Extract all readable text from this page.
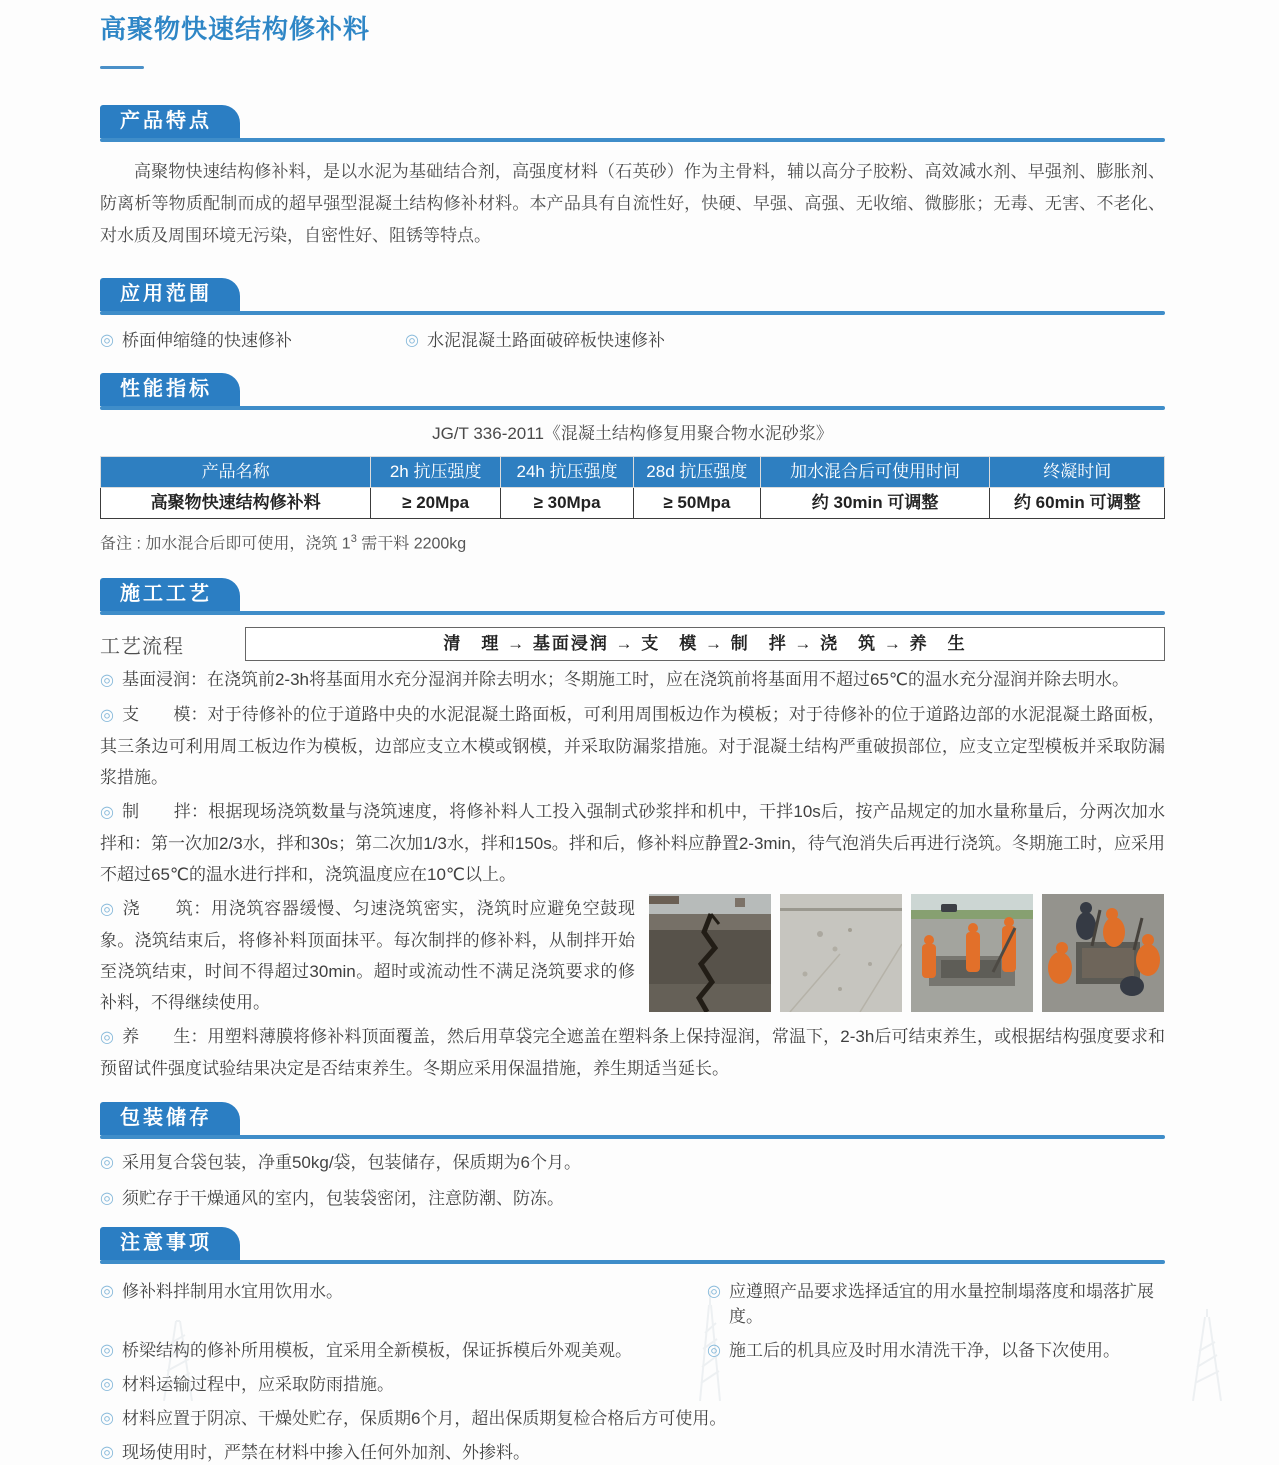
高聚物快速结构修补料
产品特点
高聚物快速结构修补料，是以水泥为基础结合剂，高强度材料（石英砂）作为主骨料，辅以高分子胶粉、高效减水剂、早强剂、膨胀剂、防离析等物质配制而成的超早强型混凝土结构修补材料。本产品具有自流性好，快硬、早强、高强、无收缩、微膨胀；无毒、无害、不老化、对水质及周围环境无污染，自密性好、阻锈等特点。
应用范围
◎ 桥面伸缩缝的快速修补	◎ 水泥混凝土路面破碎板快速修补
性能指标
JG/T 336-2011《混凝土结构修复用聚合物水泥砂浆》
产品名称	2h 抗压强度	24h 抗压强度	28d 抗压强度	加水混合后可使用时间	终凝时间
高聚物快速结构修补料	≥ 20Mpa	≥ 30Mpa	≥ 50Mpa	约 30min 可调整	约 60min 可调整
备注 : 加水混合后即可使用，浇筑 $1^3$ 需干料 2200kg
施工工艺
工艺流程	清　理 → 基面浸润 → 支　模 → 制　拌 → 浇　筑 → 养　生
◎ 基面浸润：在浇筑前2-3h将基面用水充分湿润并除去明水；冬期施工时，应在浇筑前将基面用不超过65℃的温水充分湿润并除去明水。
◎ 支　　模：对于待修补的位于道路中央的水泥混凝土路面板，可利用周围板边作为模板；对于待修补的位于道路边部的水泥混凝土路面板，其三条边可利用周工板边作为模板，边部应支立木模或钢模，并采取防漏浆措施。对于混凝土结构严重破损部位，应支立定型模板并采取防漏浆措施。
◎ 制　　拌：根据现场浇筑数量与浇筑速度，将修补料人工投入强制式砂浆拌和机中，干拌10s后，按产品规定的加水量称量后，分两次加水拌和：第一次加2/3水，拌和30s；第二次加1/3水，拌和150s。拌和后，修补料应静置2-3min，待气泡消失后再进行浇筑。冬期施工时，应采用不超过65℃的温水进行拌和，浇筑温度应在10℃以上。
◎ 浇　　筑：用浇筑容器缓慢、匀速浇筑密实，浇筑时应避免空鼓现象。浇筑结束后，将修补料顶面抹平。每次制拌的修补料，从制拌开始至浇筑结束，时间不得超过30min。超时或流动性不满足浇筑要求的修补料，不得继续使用。
◎ 养　　生：用塑料薄膜将修补料顶面覆盖，然后用草袋完全遮盖在塑料条上保持湿润，常温下，2-3h后可结束养生，或根据结构强度要求和预留试件强度试验结果决定是否结束养生。冬期应采用保温措施，养生期适当延长。
包装储存
◎ 采用复合袋包装，净重50kg/袋，包装储存，保质期为6个月。
◎ 须贮存于干燥通风的室内，包装袋密闭，注意防潮、防冻。
注意事项
◎ 修补料拌制用水宜用饮用水。	◎ 应遵照产品要求选择适宜的用水量控制塌落度和塌落扩展度。
◎ 桥梁结构的修补所用模板，宜采用全新模板，保证拆模后外观美观。	◎ 施工后的机具应及时用水清洗干净，以备下次使用。
◎ 材料运输过程中，应采取防雨措施。
◎ 材料应置于阴凉、干燥处贮存，保质期6个月，超出保质期复检合格后方可使用。
◎ 现场使用时，严禁在材料中掺入任何外加剂、外掺料。
